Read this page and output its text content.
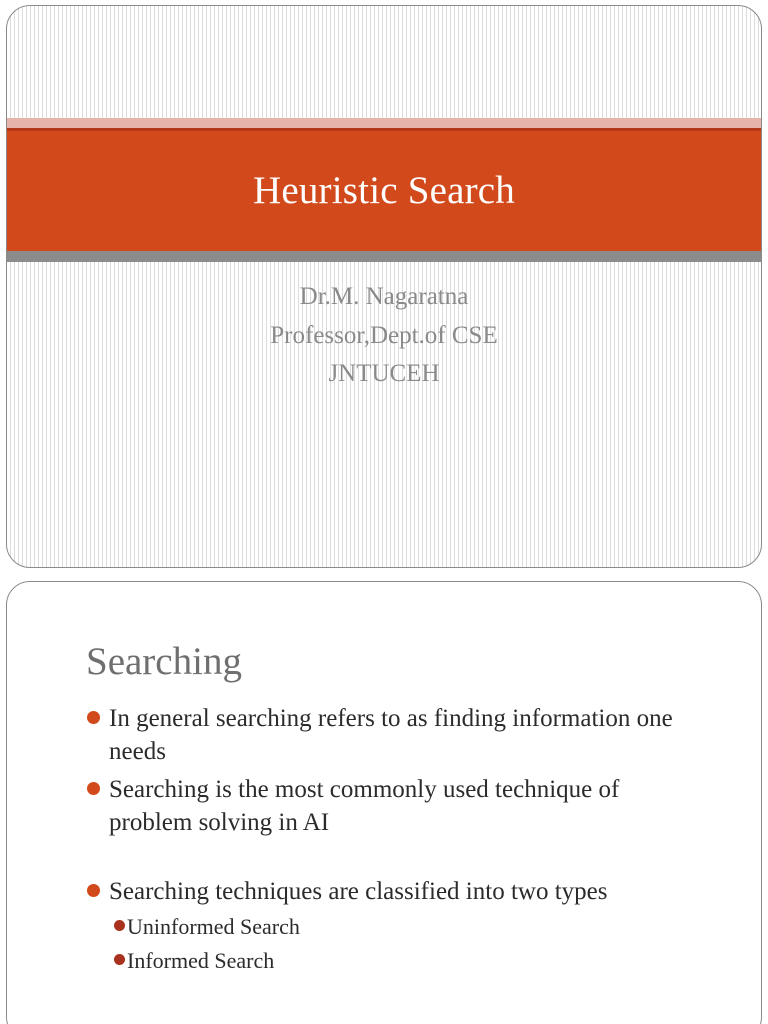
Heuristic Search
Dr.M. Nagaratna
Professor,Dept.of CSE
JNTUCEH
Searching
In general searching refers to as finding information one needs
Searching is the most commonly used technique of problem solving in AI
Searching techniques are classified into two types
Uninformed Search
Informed Search
